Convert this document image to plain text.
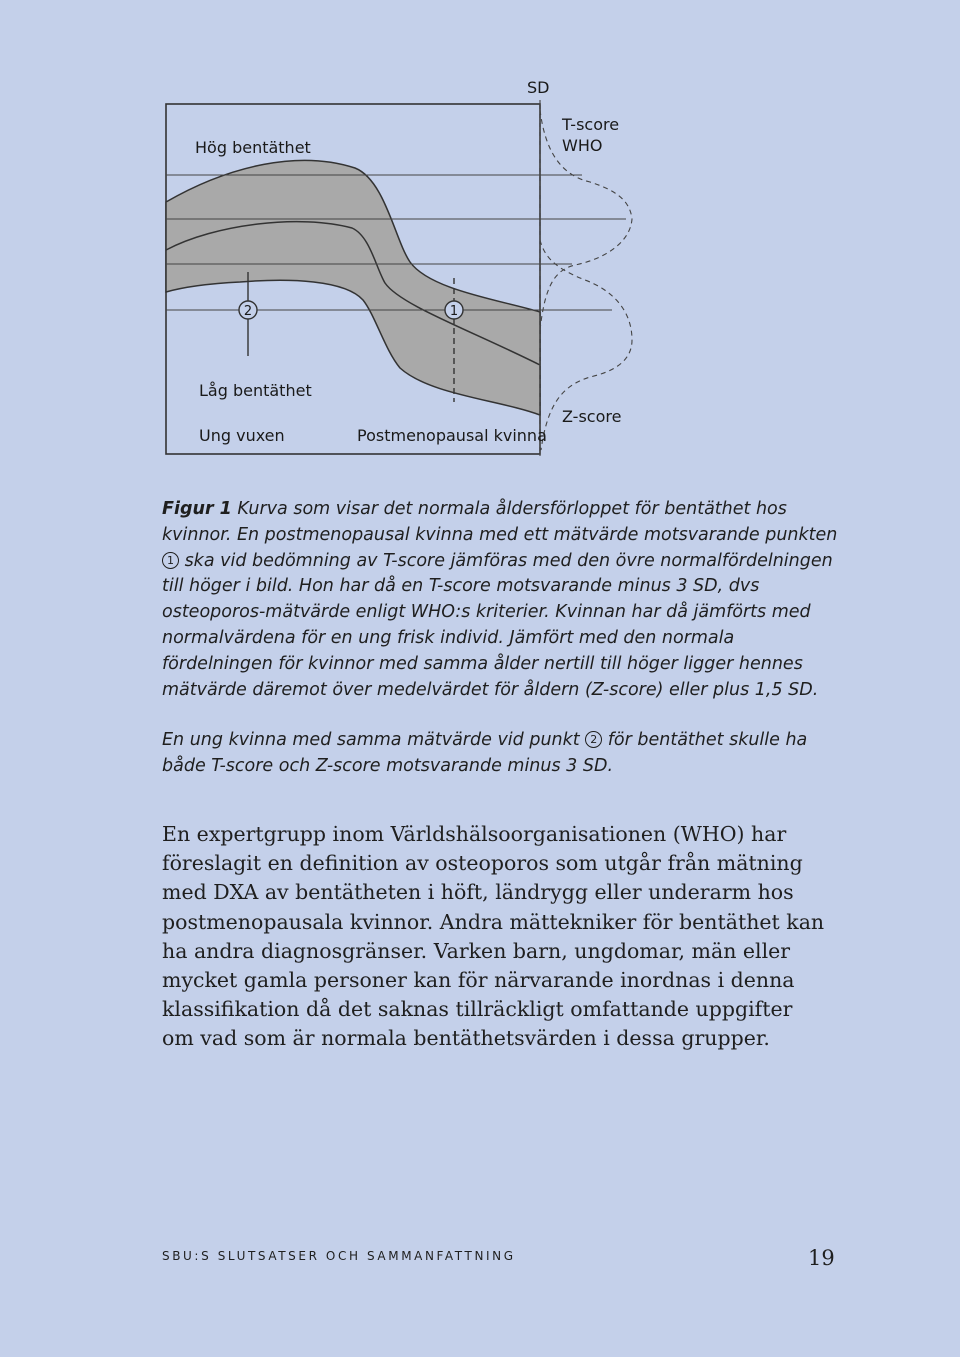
2	1
SD
T-score
WHO
Z-score
Hög bentäthet
Låg bentäthet
Ung vuxen	Postmenopausal kvinna

Figur 1 Kurva som visar det normala åldersförloppet för bentäthet hos kvinnor. En postmenopausal kvinna med ett mätvärde motsvarande punkten 1 ska vid bedömning av T-score jämföras med den övre normalfördelningen till höger i bild. Hon har då en T-score motsvarande minus 3 SD, dvs osteoporos-mätvärde enligt WHO:s kriterier. Kvinnan har då jämförts med normalvärdena för en ung frisk individ. Jämfört med den normala fördelningen för kvinnor med samma ålder nertill till höger ligger hennes mätvärde däremot över medelvärdet för åldern (Z-score) eller plus 1,5 SD.

En ung kvinna med samma mätvärde vid punkt 2 för bentäthet skulle ha både T-score och Z-score motsvarande minus 3 SD.

En expertgrupp inom Världshälsoorganisationen (WHO) har föreslagit en definition av osteoporos som utgår från mätning med DXA av bentätheten i höft, ländrygg eller underarm hos postmenopausala kvinnor. Andra mättekniker för bentäthet kan ha andra diagnosgränser. Varken barn, ungdomar, män eller mycket gamla personer kan för närvarande inordnas i denna klassifikation då det saknas tillräckligt omfattande uppgifter om vad som är normala bentäthetsvärden i dessa grupper.

SBU:S SLUTSATSER OCH SAMMANFATTNING	19
